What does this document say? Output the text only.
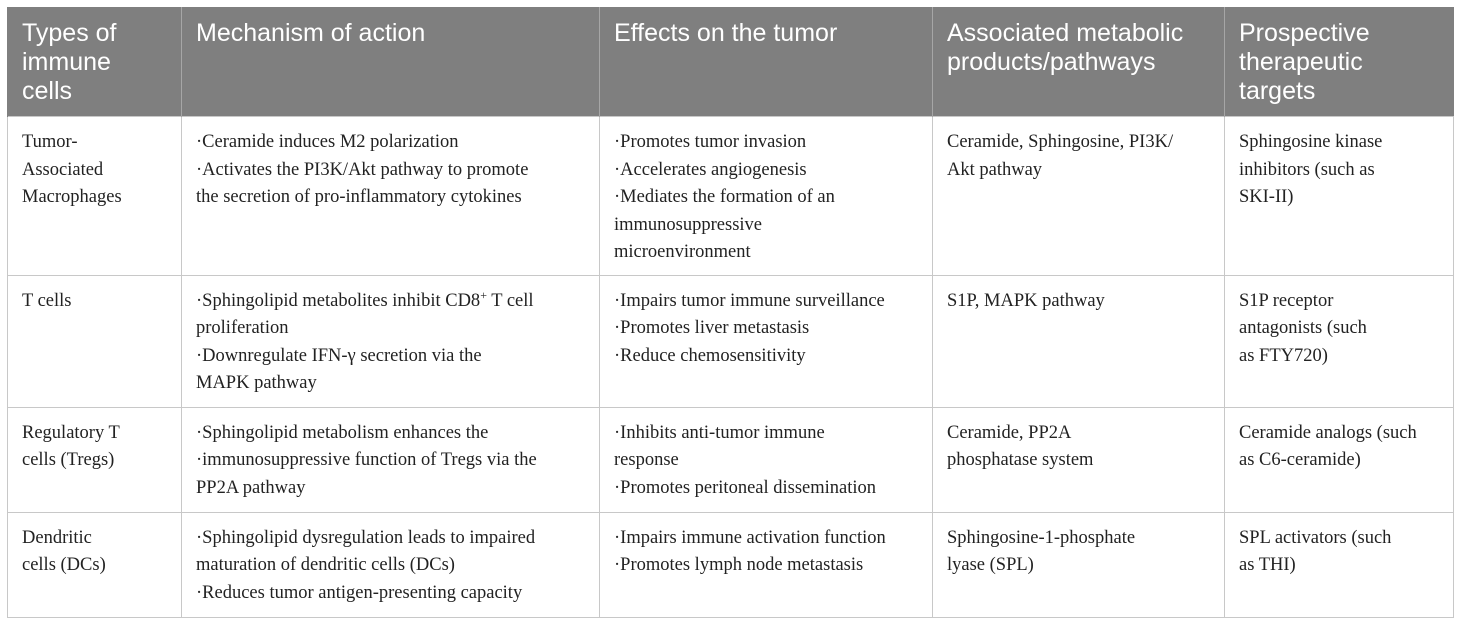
Types of
immune
cells	Mechanism of action	Effects on the tumor	Associated metabolic
products/pathways	Prospective
therapeutic
targets

Tumor-
Associated
Macrophages	·Ceramide induces M2 polarization
·Activates the PI3K/Akt pathway to promote
the secretion of pro-inflammatory cytokines	·Promotes tumor invasion
·Accelerates angiogenesis
·Mediates the formation of an
immunosuppressive
microenvironment	Ceramide, Sphingosine, PI3K/
Akt pathway	Sphingosine kinase
inhibitors (such as
SKI-II)

T cells	·Sphingolipid metabolites inhibit CD8+ T cell
proliferation
·Downregulate IFN-γ secretion via the
MAPK pathway	·Impairs tumor immune surveillance
·Promotes liver metastasis
·Reduce chemosensitivity	S1P, MAPK pathway	S1P receptor
antagonists (such
as FTY720)

Regulatory T
cells (Tregs)	·Sphingolipid metabolism enhances the
·immunosuppressive function of Tregs via the
PP2A pathway	·Inhibits anti-tumor immune
response
·Promotes peritoneal dissemination	Ceramide, PP2A
phosphatase system	Ceramide analogs (such
as C6-ceramide)

Dendritic
cells (DCs)	·Sphingolipid dysregulation leads to impaired
maturation of dendritic cells (DCs)
·Reduces tumor antigen-presenting capacity	·Impairs immune activation function
·Promotes lymph node metastasis	Sphingosine-1-phosphate
lyase (SPL)	SPL activators (such
as THI)
